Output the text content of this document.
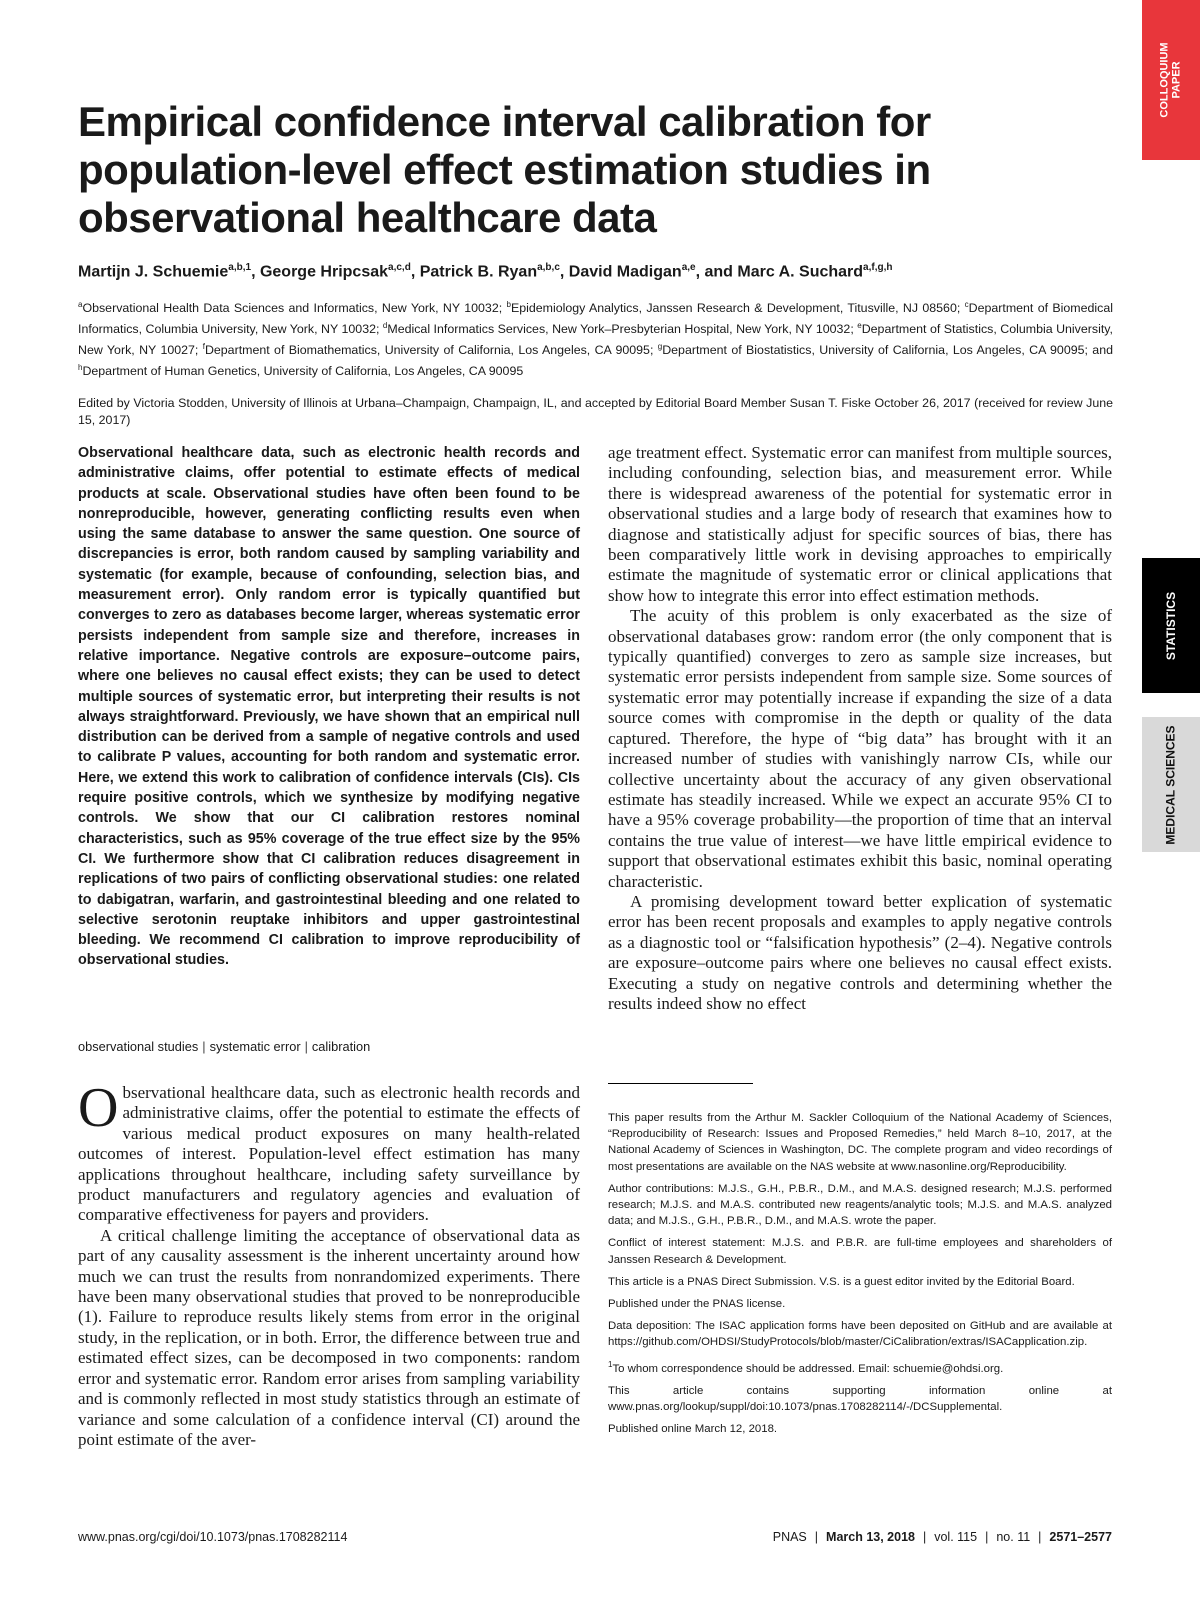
COLLOQUIUM PAPER
STATISTICS
MEDICAL SCIENCES
Empirical confidence interval calibration for population-level effect estimation studies in observational healthcare data
Martijn J. Schuemie$^{a,b,1}$, George Hripcsak$^{a,c,d}$, Patrick B. Ryan$^{a,b,c}$, David Madigan$^{a,e}$, and Marc A. Suchard$^{a,f,g,h}$
$^a$Observational Health Data Sciences and Informatics, New York, NY 10032; $^b$Epidemiology Analytics, Janssen Research & Development, Titusville, NJ 08560; $^c$Department of Biomedical Informatics, Columbia University, New York, NY 10032; $^d$Medical Informatics Services, New York–Presbyterian Hospital, New York, NY 10032; $^e$Department of Statistics, Columbia University, New York, NY 10027; $^f$Department of Biomathematics, University of California, Los Angeles, CA 90095; $^g$Department of Biostatistics, University of California, Los Angeles, CA 90095; and $^h$Department of Human Genetics, University of California, Los Angeles, CA 90095
Edited by Victoria Stodden, University of Illinois at Urbana–Champaign, Champaign, IL, and accepted by Editorial Board Member Susan T. Fiske October 26, 2017 (received for review June 15, 2017)

Observational healthcare data, such as electronic health records and administrative claims, offer potential to estimate effects of medical products at scale. Observational studies have often been found to be nonreproducible, however, generating conflicting results even when using the same database to answer the same question. One source of discrepancies is error, both random caused by sampling variability and systematic (for example, because of confounding, selection bias, and measurement error). Only random error is typically quantified but converges to zero as databases become larger, whereas systematic error persists independent from sample size and therefore, increases in relative importance. Negative controls are exposure–outcome pairs, where one believes no causal effect exists; they can be used to detect multiple sources of systematic error, but interpreting their results is not always straightforward. Previously, we have shown that an empirical null distribution can be derived from a sample of negative controls and used to calibrate P values, accounting for both random and systematic error. Here, we extend this work to calibration of confidence intervals (CIs). CIs require positive controls, which we synthesize by modifying negative controls. We show that our CI calibration restores nominal characteristics, such as 95% coverage of the true effect size by the 95% CI. We furthermore show that CI calibration reduces disagreement in replications of two pairs of conflicting observational studies: one related to dabigatran, warfarin, and gastrointestinal bleeding and one related to selective serotonin reuptake inhibitors and upper gastrointestinal bleeding. We recommend CI calibration to improve reproducibility of observational studies.

observational studies | systematic error | calibration

Observational healthcare data, such as electronic health records and administrative claims, offer the potential to estimate the effects of various medical product exposures on many health-related outcomes of interest. Population-level effect estimation has many applications throughout healthcare, including safety surveillance by product manufacturers and regulatory agencies and evaluation of comparative effectiveness for payers and providers.

A critical challenge limiting the acceptance of observational data as part of any causality assessment is the inherent uncertainty around how much we can trust the results from nonrandomized experiments. There have been many observational studies that proved to be nonreproducible (1). Failure to reproduce results likely stems from error in the original study, in the replication, or in both. Error, the difference between true and estimated effect sizes, can be decomposed in two components: random error and systematic error. Random error arises from sampling variability and is commonly reflected in most study statistics through an estimate of variance and some calculation of a confidence interval (CI) around the point estimate of the aver-

age treatment effect. Systematic error can manifest from multiple sources, including confounding, selection bias, and measurement error. While there is widespread awareness of the potential for systematic error in observational studies and a large body of research that examines how to diagnose and statistically adjust for specific sources of bias, there has been comparatively little work in devising approaches to empirically estimate the magnitude of systematic error or clinical applications that show how to integrate this error into effect estimation methods.

The acuity of this problem is only exacerbated as the size of observational databases grow: random error (the only component that is typically quantified) converges to zero as sample size increases, but systematic error persists independent from sample size. Some sources of systematic error may potentially increase if expanding the size of a data source comes with compromise in the depth or quality of the data captured. Therefore, the hype of “big data” has brought with it an increased number of studies with vanishingly narrow CIs, while our collective uncertainty about the accuracy of any given observational estimate has steadily increased. While we expect an accurate 95% CI to have a 95% coverage probability—the proportion of time that an interval contains the true value of interest—we have little empirical evidence to support that observational estimates exhibit this basic, nominal operating characteristic.

A promising development toward better explication of systematic error has been recent proposals and examples to apply negative controls as a diagnostic tool or “falsification hypothesis” (2–4). Negative controls are exposure–outcome pairs where one believes no causal effect exists. Executing a study on negative controls and determining whether the results indeed show no effect

This paper results from the Arthur M. Sackler Colloquium of the National Academy of Sciences, “Reproducibility of Research: Issues and Proposed Remedies,” held March 8–10, 2017, at the National Academy of Sciences in Washington, DC. The complete program and video recordings of most presentations are available on the NAS website at www.nasonline.org/Reproducibility.

Author contributions: M.J.S., G.H., P.B.R., D.M., and M.A.S. designed research; M.J.S. performed research; M.J.S. and M.A.S. contributed new reagents/analytic tools; M.J.S. and M.A.S. analyzed data; and M.J.S., G.H., P.B.R., D.M., and M.A.S. wrote the paper.

Conflict of interest statement: M.J.S. and P.B.R. are full-time employees and shareholders of Janssen Research & Development.

This article is a PNAS Direct Submission. V.S. is a guest editor invited by the Editorial Board.

Published under the PNAS license.

Data deposition: The ISAC application forms have been deposited on GitHub and are available at https://github.com/OHDSI/StudyProtocols/blob/master/CiCalibration/extras/ISACapplication.zip.

$^1$To whom correspondence should be addressed. Email: schuemie@ohdsi.org.

This article contains supporting information online at www.pnas.org/lookup/suppl/doi:10.1073/pnas.1708282114/-/DCSupplemental.

Published online March 12, 2018.

www.pnas.org/cgi/doi/10.1073/pnas.1708282114	PNAS | March 13, 2018 | vol. 115 | no. 11 | 2571–2577
